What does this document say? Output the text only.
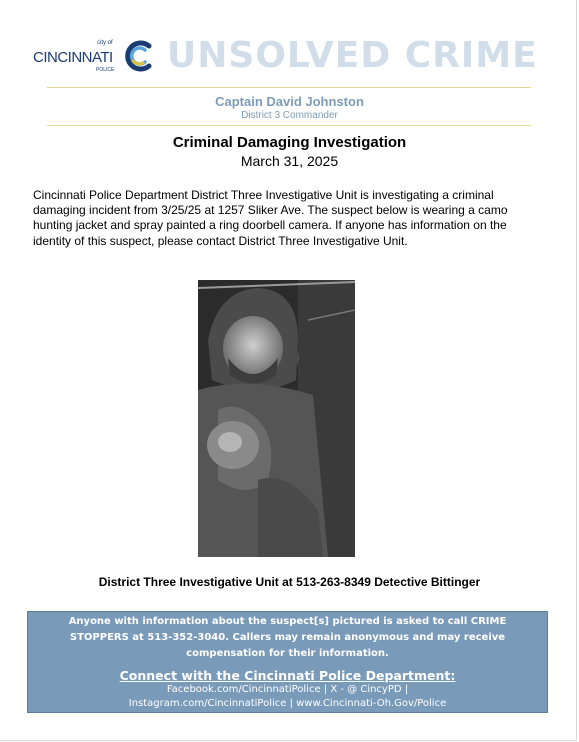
city of
CINCINNATI
POLICE UNSOLVED CRIME
Captain David Johnston
District 3 Commander
Criminal Damaging Investigation
March 31, 2025
Cincinnati Police Department District Three Investigative Unit is investigating a criminal damaging incident from 3/25/25 at 1257 Sliker Ave. The suspect below is wearing a camo hunting jacket and spray painted a ring doorbell camera. If anyone has information on the identity of this suspect, please contact District Three Investigative Unit.
District Three Investigative Unit at 513-263-8349 Detective Bittinger
Anyone with information about the suspect[s] pictured is asked to call CRIME STOPPERS at 513-352-3040. Callers may remain anonymous and may receive compensation for their information.
Connect with the Cincinnati Police Department:
Facebook.com/CincinnatiPolice | X - @ CincyPD |
Instagram.com/CincinnatiPolice | www.Cincinnati-Oh.Gov/Police
